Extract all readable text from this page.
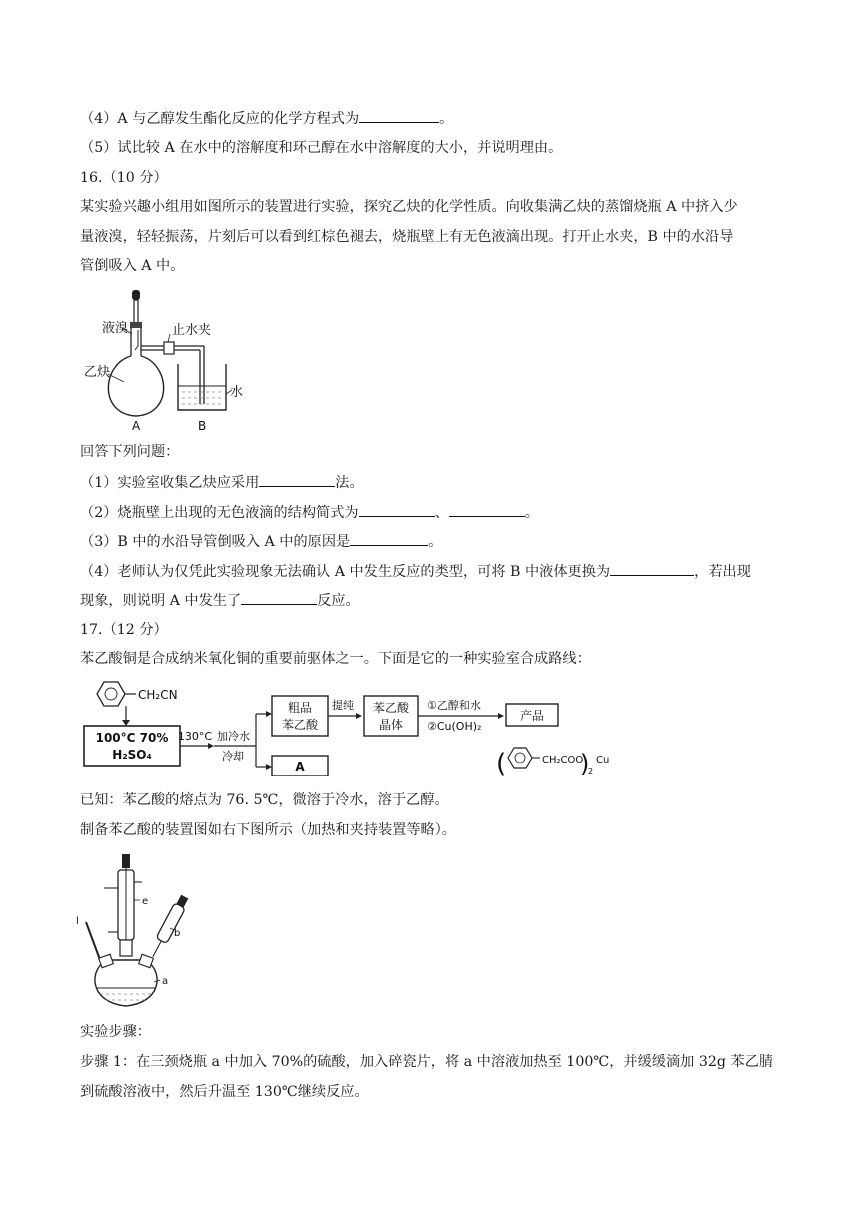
（4）A 与乙醇发生酯化反应的化学方程式为	。
（5）试比较 A 在水中的溶解度和环己醇在水中溶解度的大小，并说明理由。
16.（10 分）
某实验兴趣小组用如图所示的装置进行实验，探究乙炔的化学性质。向收集满乙炔的蒸馏烧瓶 A 中挤入少
量液溴，轻轻振荡，片刻后可以看到红棕色褪去，烧瓶壁上有无色液滴出现。打开止水夹，B 中的水沿导
管倒吸入 A 中。
液溴	止水夹
乙炔
水
A	B
回答下列问题：
（1）实验室收集乙炔应采用	法。
（2）烧瓶壁上出现的无色液滴的结构简式为	、	。
（3）B 中的水沿导管倒吸入 A 中的原因是	。
（4）老师认为仅凭此实验现象无法确认 A 中发生反应的类型，可将 B 中液体更换为	，若出现
现象，则说明 A 中发生了	反应。
17.（12 分）
苯乙酸铜是合成纳米氧化铜的重要前驱体之一。下面是它的一种实验室合成路线：
CH₂CN
100°C 70%
H₂SO₄
130°C 加冷水
冷却
粗品
苯乙酸
A
提纯 苯乙酸
晶体
①乙醇和水
②Cu(OH)₂
产品
(	CH₂COO
)
2
Cu
已知：苯乙酸的熔点为 76. 5℃，微溶于冷水，溶于乙醇。
制备苯乙酸的装置图如右下图所示（加热和夹持装置等略）。
e
b
l
a
实验步骤：
步骤 1：在三颈烧瓶 a 中加入 70%的硫酸，加入碎瓷片，将 a 中溶液加热至 100℃，并缓缓滴加 32g 苯乙腈
到硫酸溶液中，然后升温至 130℃继续反应。
